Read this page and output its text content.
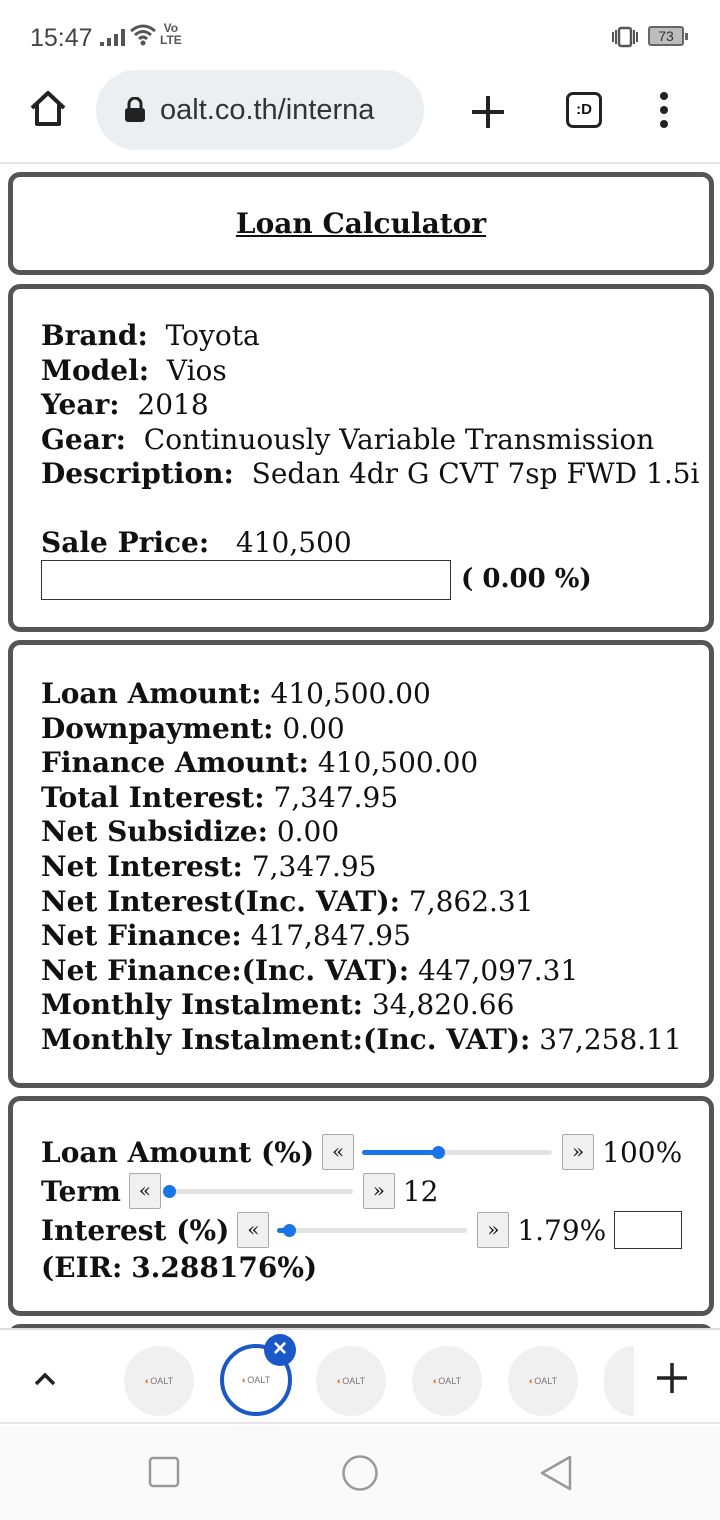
15:47	Vo
LTE	73
oalt.co.th/interna	:D
Loan Calculator
Brand: Toyota
Model: Vios
Year: 2018
Gear: Continuously Variable Transmission
Description: Sedan 4dr G CVT 7sp FWD 1.5i
Sale Price: 410,500
( 0.00 %)
Loan Amount: 410,500.00
Downpayment: 0.00
Finance Amount: 410,500.00
Total Interest: 7,347.95
Net Subsidize: 0.00
Net Interest: 7,347.95
Net Interest(Inc. VAT): 7,862.31
Net Finance: 417,847.95
Net Finance:(Inc. VAT): 447,097.31
Monthly Instalment: 34,820.66
Monthly Instalment:(Inc. VAT): 37,258.11
Loan Amount (%) «	» 100%
Term «	» 12
Interest (%) «	» 1.79%
(EIR:
3.288176%)
◐OALT	◐OALT	◐OALT	◐OALT	◐OALT
×
